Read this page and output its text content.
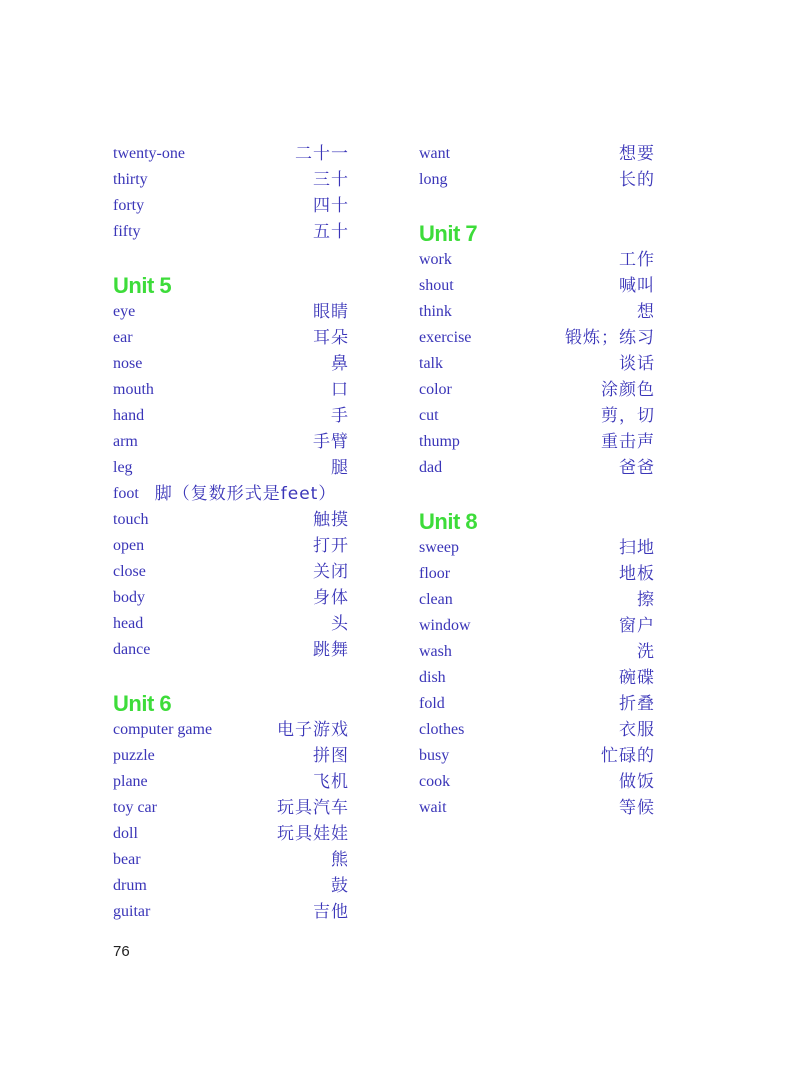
twenty-one	二十一
thirty	三十
forty	四十
fifty	五十
Unit 5
eye	眼睛
ear	耳朵
nose	鼻
mouth	口
hand	手
arm	手臂
leg	腿
foot 脚（复数形式是feet）
touch	触摸
open	打开
close	关闭
body	身体
head	头
dance	跳舞
Unit 6
computer game	电子游戏
puzzle	拼图
plane	飞机
toy car	玩具汽车
doll	玩具娃娃
bear	熊
drum	鼓
guitar	吉他
want	想要
long	长的
Unit 7
work	工作
shout	喊叫
think	想
exercise	锻炼；练习
talk	谈话
color	涂颜色
cut	剪，切
thump	重击声
dad	爸爸
Unit 8
sweep	扫地
floor	地板
clean	擦
window	窗户
wash	洗
dish	碗碟
fold	折叠
clothes	衣服
busy	忙碌的
cook	做饭
wait	等候
76
